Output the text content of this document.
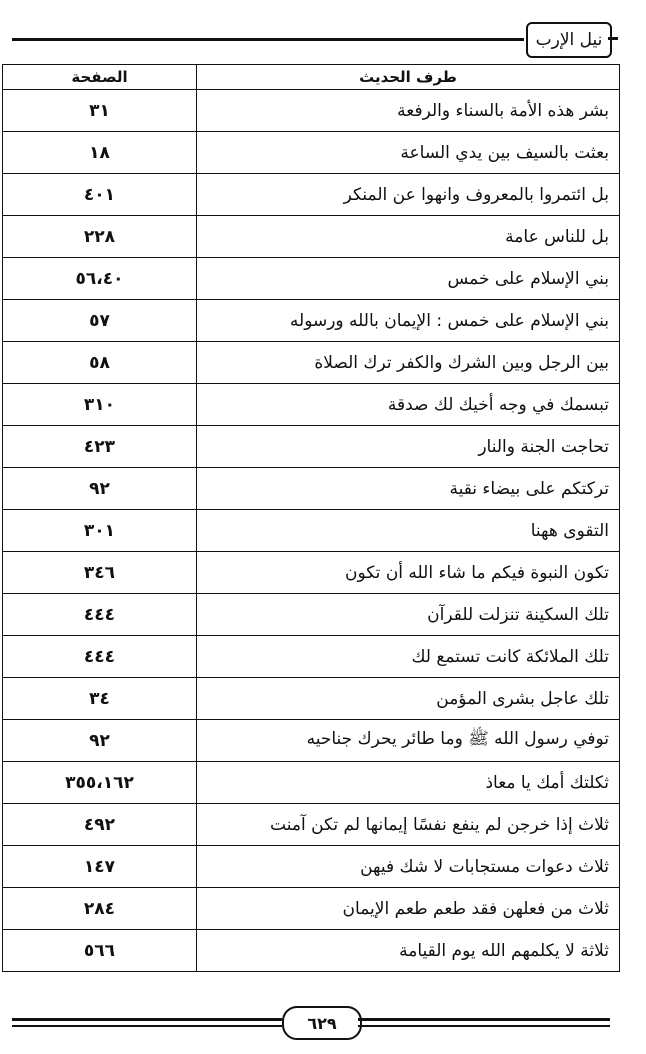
نيل الإرب
طرف الحديث	الصفحة
بشر هذه الأمة بالسناء والرفعة	٣١
بعثت بالسيف بين يدي الساعة	١٨
بل ائتمروا بالمعروف وانهوا عن المنكر	٤٠١
بل للناس عامة	٢٢٨
بني الإسلام على خمس	٥٦،٤٠
بني الإسلام على خمس : الإيمان بالله ورسوله	٥٧
بين الرجل وبين الشرك والكفر ترك الصلاة	٥٨
تبسمك في وجه أخيك لك صدقة	٣١٠
تحاجت الجنة والنار	٤٢٣
تركتكم على بيضاء نقية	٩٢
التقوى ههنا	٣٠١
تكون النبوة فيكم ما شاء الله أن تكون	٣٤٦
تلك السكينة تنزلت للقرآن	٤٤٤
تلك الملائكة كانت تستمع لك	٤٤٤
تلك عاجل بشرى المؤمن	٣٤
توفي رسول الله ﷺ وما طائر يحرك جناحيه	٩٢
ثكلتك أمك يا معاذ	٣٥٥،١٦٢
ثلاث إذا خرجن لم ينفع نفسًا إيمانها لم تكن آمنت	٤٩٢
ثلاث دعوات مستجابات لا شك فيهن	١٤٧
ثلاث من فعلهن فقد طعم طعم الإيمان	٢٨٤
ثلاثة لا يكلمهم الله يوم القيامة	٥٦٦
٦٢٩
